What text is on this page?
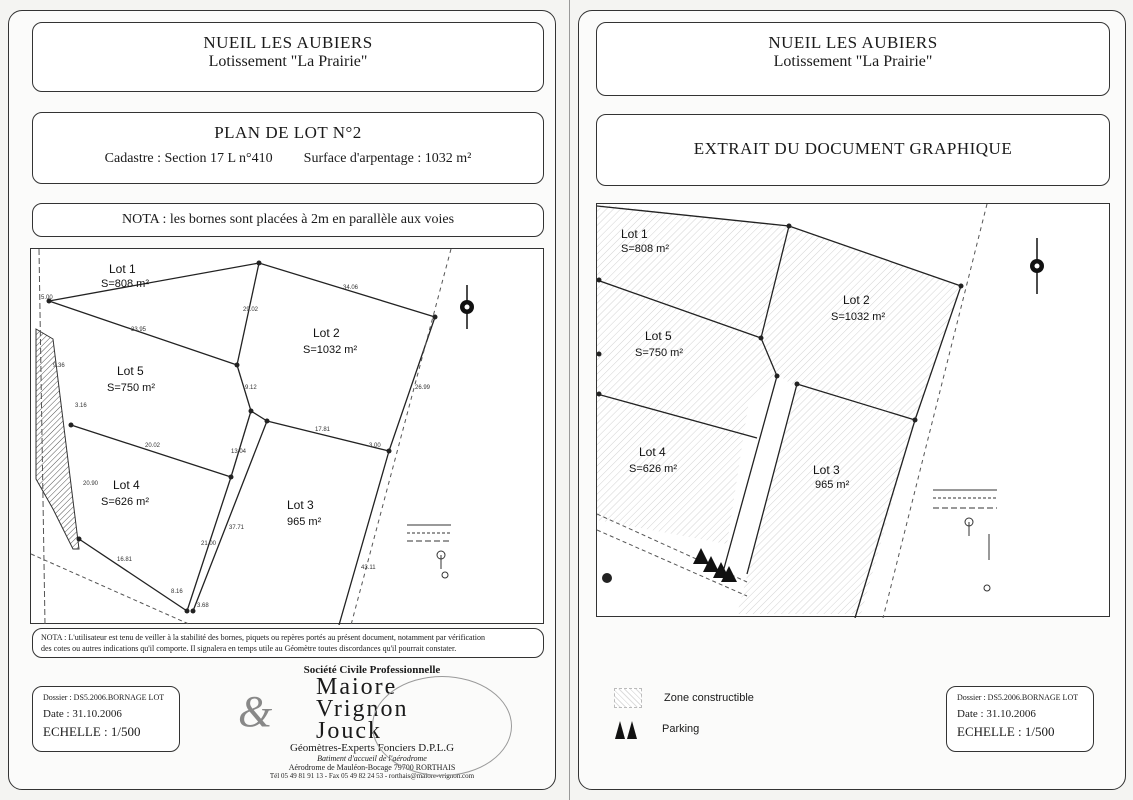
NUEIL LES AUBIERS
Lotissement "La Prairie"
PLAN DE LOT N°2
Cadastre : Section 17 L n°410 Surface d'arpentage : 1032 m²
NOTA : les bornes sont placées à 2m en parallèle aux voies
34.06
33.95
20.02
9.12
17.81
3.00
13.04
37.71
21.00
29.02
16.81
9.36
3.16
20.90
3.68
8.16
26.99
43.11
5.00
Lot 1
S=808 m²
Lot 2
S=1032 m²
Lot 5
S=750 m²
Lot 4
S=626 m²	Lot 3
965 m²
NOTA : L'utilisateur est tenu de veiller à la stabilité des bornes, piquets ou repères portés au présent document, notamment par vérification
des cotes ou autres indications qu'il comporte. Il signalera en temps utile au Géomètre toutes discordances qu'il pourrait constater.
Dossier : DS5.2006.BORNAGE LOT
Date : 31.10.2006
ECHELLE : 1/500
Société Civile Professionnelle
& Maiore
Vrignon
Jouck
Géomètres-Experts Fonciers D.P.L.G
Batiment d'accueil de l'aérodrome
Aérodrome de Mauléon-Bocage 79700 RORTHAIS
Tél 05 49 81 91 13 - Fax 05 49 82 24 53 - rorthais@maiore-vrignon.com
NUEIL LES AUBIERS
Lotissement "La Prairie"
EXTRAIT DU DOCUMENT GRAPHIQUE
Lot 1
S=808 m²
Lot 2
S=1032 m²
Lot 5
S=750 m²
Lot 4
S=626 m²	Lot 3
965 m²
Zone constructible
Parking
Dossier : DS5.2006.BORNAGE LOT
Date : 31.10.2006
ECHELLE : 1/500
